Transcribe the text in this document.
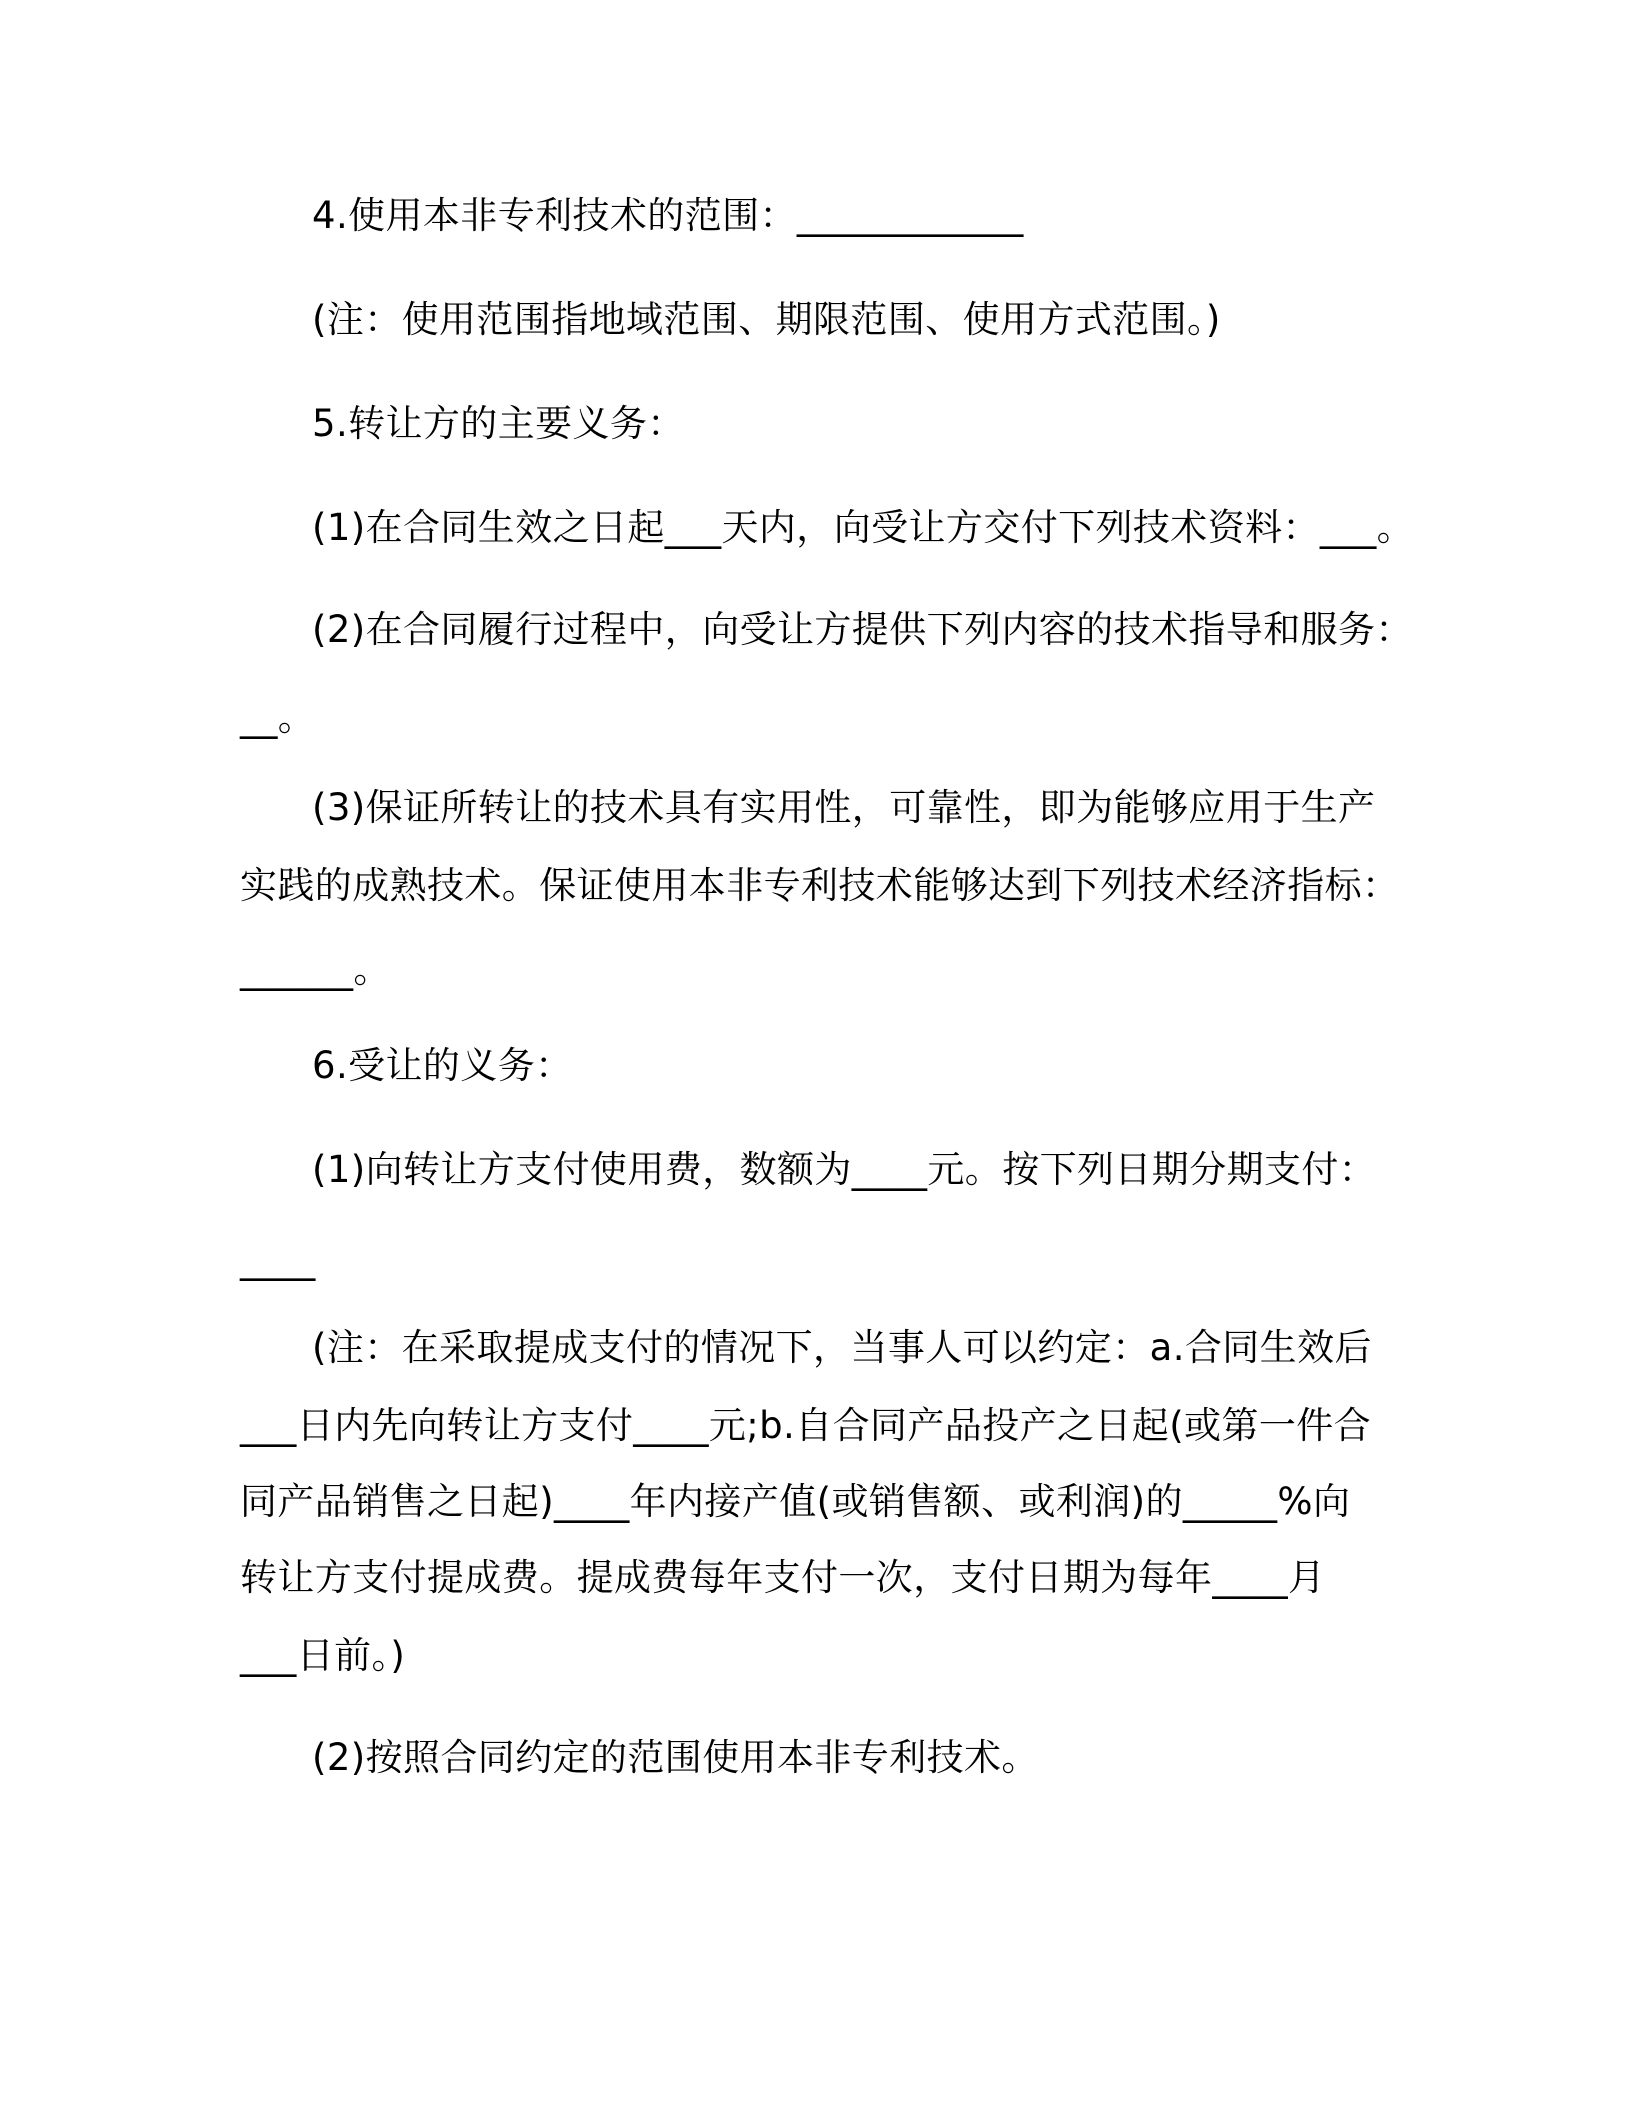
4.使用本非专利技术的范围：____________
(注：使用范围指地域范围、期限范围、使用方式范围。)
5.转让方的主要义务：
(1)在合同生效之日起___天内，向受让方交付下列技术资料：___。
(2)在合同履行过程中，向受让方提供下列内容的技术指导和服务：
__。
(3)保证所转让的技术具有实用性，可靠性，即为能够应用于生产
实践的成熟技术。保证使用本非专利技术能够达到下列技术经济指标：
______。
6.受让的义务：
(1)向转让方支付使用费，数额为____元。按下列日期分期支付：
____
(注：在采取提成支付的情况下，当事人可以约定：a.合同生效后
___日内先向转让方支付____元;b.自合同产品投产之日起(或第一件合
同产品销售之日起)____年内接产值(或销售额、或利润)的_____%向
转让方支付提成费。提成费每年支付一次，支付日期为每年____月
___日前。)
(2)按照合同约定的范围使用本非专利技术。
